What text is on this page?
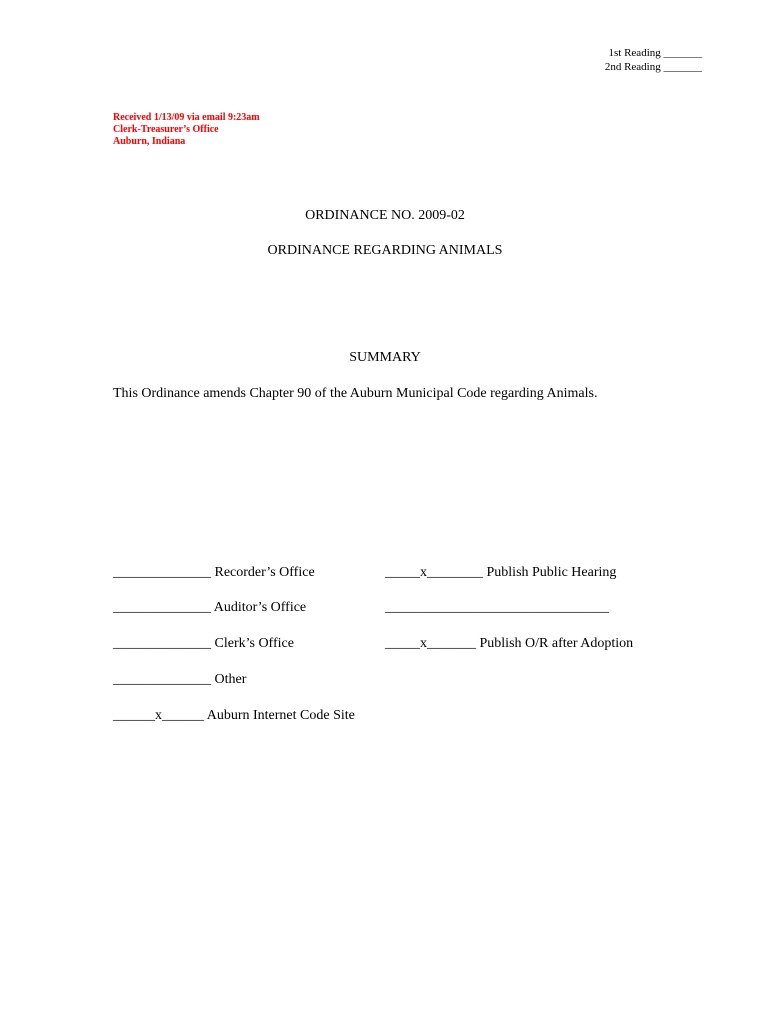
1st Reading _______
2nd Reading _______
Received 1/13/09 via email 9:23am
Clerk-Treasurer’s Office
Auburn, Indiana
ORDINANCE NO. 2009-02
ORDINANCE REGARDING ANIMALS
SUMMARY
This Ordinance amends Chapter 90 of the Auburn Municipal Code regarding Animals.
______________ Recorder’s Office
______________ Auditor’s Office
______________ Clerk’s Office
______________ Other
______x______ Auburn Internet Code Site
_____x________ Publish Public Hearing
________________________________
_____x_______ Publish O/R after Adoption
